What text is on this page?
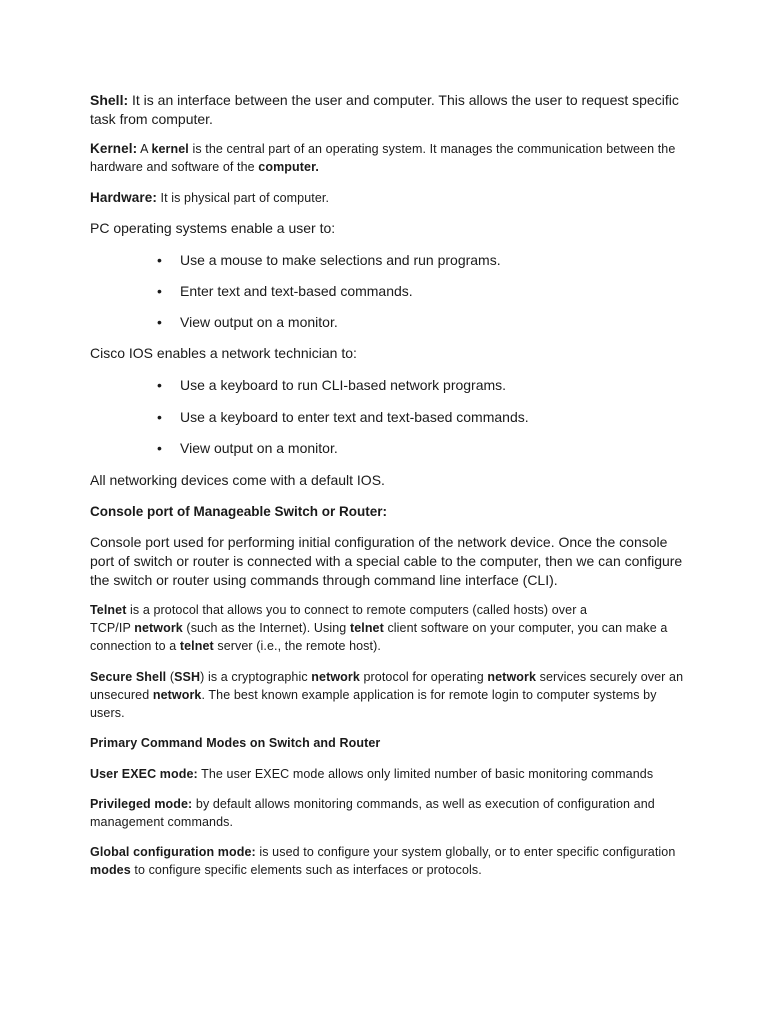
Shell: It is an interface between the user and computer. This allows the user to request specific task from computer.

Kernel: A kernel is the central part of an operating system. It manages the communication between the hardware and software of the computer.

Hardware: It is physical part of computer.

PC operating systems enable a user to:

• Use a mouse to make selections and run programs.
• Enter text and text-based commands.
• View output on a monitor.

Cisco IOS enables a network technician to:

• Use a keyboard to run CLI-based network programs.
• Use a keyboard to enter text and text-based commands.
• View output on a monitor.

All networking devices come with a default IOS.

Console port of Manageable Switch or Router:

Console port used for performing initial configuration of the network device. Once the console port of switch or router is connected with a special cable to the computer, then we can configure the switch or router using commands through command line interface (CLI).

Telnet is a protocol that allows you to connect to remote computers (called hosts) over a
TCP/IP network (such as the Internet). Using telnet client software on your computer, you can make a connection to a telnet server (i.e., the remote host).

Secure Shell (SSH) is a cryptographic network protocol for operating network services securely over an unsecured network. The best known example application is for remote login to computer systems by users.

Primary Command Modes on Switch and Router

User EXEC mode: The user EXEC mode allows only limited number of basic monitoring commands

Privileged mode: by default allows monitoring commands, as well as execution of configuration and management commands.

Global configuration mode: is used to configure your system globally, or to enter specific configuration modes to configure specific elements such as interfaces or protocols.
